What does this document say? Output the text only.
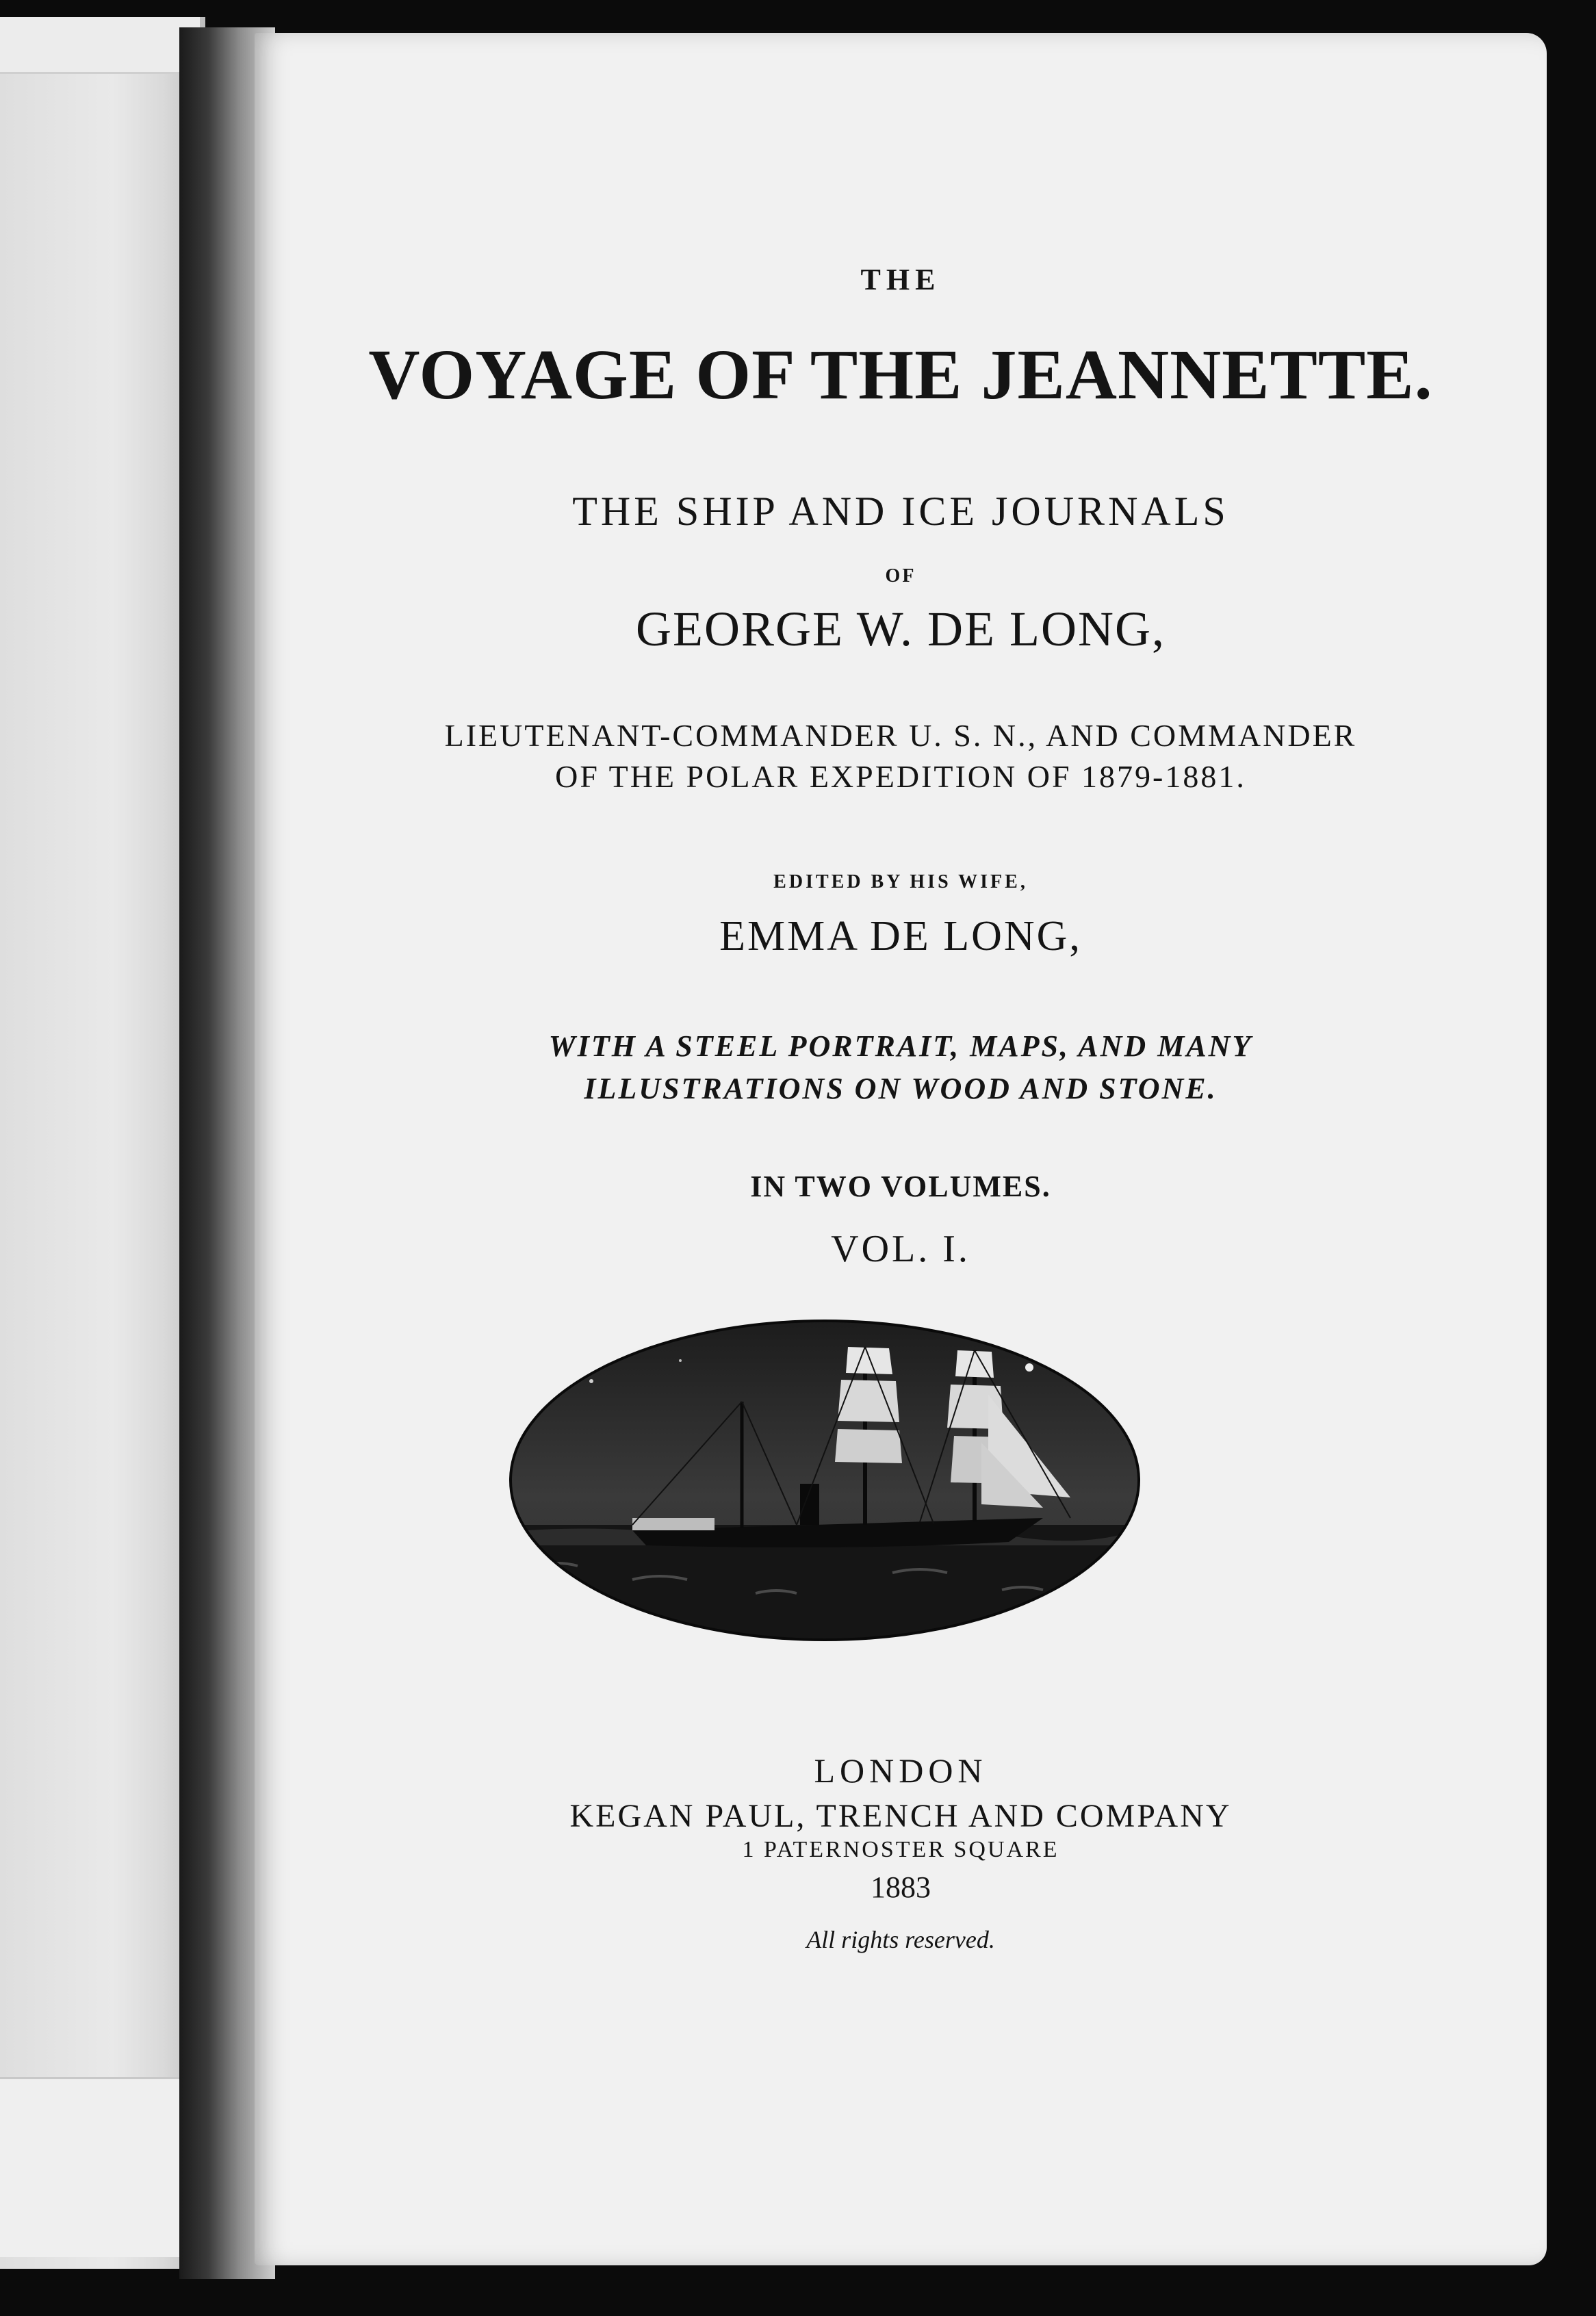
THE
VOYAGE OF THE JEANNETTE.
THE SHIP AND ICE JOURNALS
OF
GEORGE W. DE LONG,
LIEUTENANT-COMMANDER U. S. N., AND COMMANDER
OF THE POLAR EXPEDITION OF 1879-1881.
EDITED BY HIS WIFE,
EMMA DE LONG,
WITH A STEEL PORTRAIT, MAPS, AND MANY
ILLUSTRATIONS ON WOOD AND STONE.
IN TWO VOLUMES.
VOL. I.
LONDON
KEGAN PAUL, TRENCH AND COMPANY
1 PATERNOSTER SQUARE
1883
All rights reserved.
